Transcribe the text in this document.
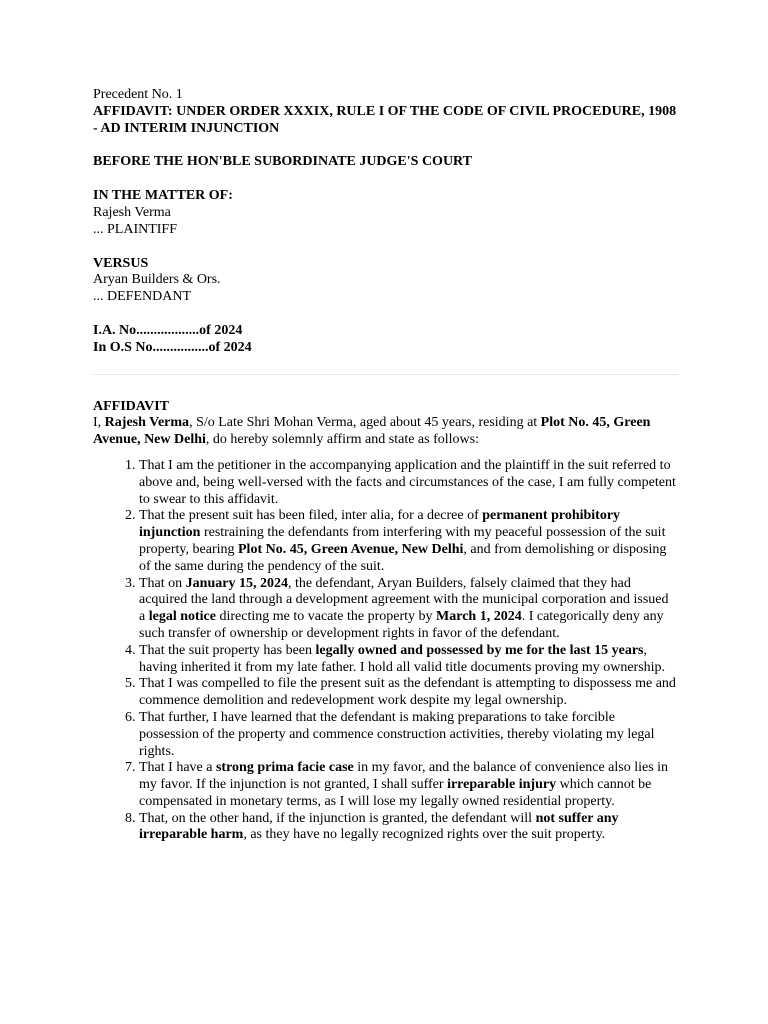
Precedent No. 1
AFFIDAVIT: UNDER ORDER XXXIX, RULE I OF THE CODE OF CIVIL PROCEDURE, 1908 - AD INTERIM INJUNCTION
BEFORE THE HON'BLE SUBORDINATE JUDGE'S COURT
IN THE MATTER OF:
Rajesh Verma
... PLAINTIFF
VERSUS
Aryan Builders & Ors.
... DEFENDANT
I.A. No..................of 2024
In O.S No................of 2024
AFFIDAVIT
I, Rajesh Verma, S/o Late Shri Mohan Verma, aged about 45 years, residing at Plot No. 45, Green Avenue, New Delhi, do hereby solemnly affirm and state as follows:
1. That I am the petitioner in the accompanying application and the plaintiff in the suit referred to above and, being well-versed with the facts and circumstances of the case, I am fully competent to swear to this affidavit.
2. That the present suit has been filed, inter alia, for a decree of permanent prohibitory injunction restraining the defendants from interfering with my peaceful possession of the suit property, bearing Plot No. 45, Green Avenue, New Delhi, and from demolishing or disposing of the same during the pendency of the suit.
3. That on January 15, 2024, the defendant, Aryan Builders, falsely claimed that they had acquired the land through a development agreement with the municipal corporation and issued a legal notice directing me to vacate the property by March 1, 2024. I categorically deny any such transfer of ownership or development rights in favor of the defendant.
4. That the suit property has been legally owned and possessed by me for the last 15 years, having inherited it from my late father. I hold all valid title documents proving my ownership.
5. That I was compelled to file the present suit as the defendant is attempting to dispossess me and commence demolition and redevelopment work despite my legal ownership.
6. That further, I have learned that the defendant is making preparations to take forcible possession of the property and commence construction activities, thereby violating my legal rights.
7. That I have a strong prima facie case in my favor, and the balance of convenience also lies in my favor. If the injunction is not granted, I shall suffer irreparable injury which cannot be compensated in monetary terms, as I will lose my legally owned residential property.
8. That, on the other hand, if the injunction is granted, the defendant will not suffer any irreparable harm, as they have no legally recognized rights over the suit property.
